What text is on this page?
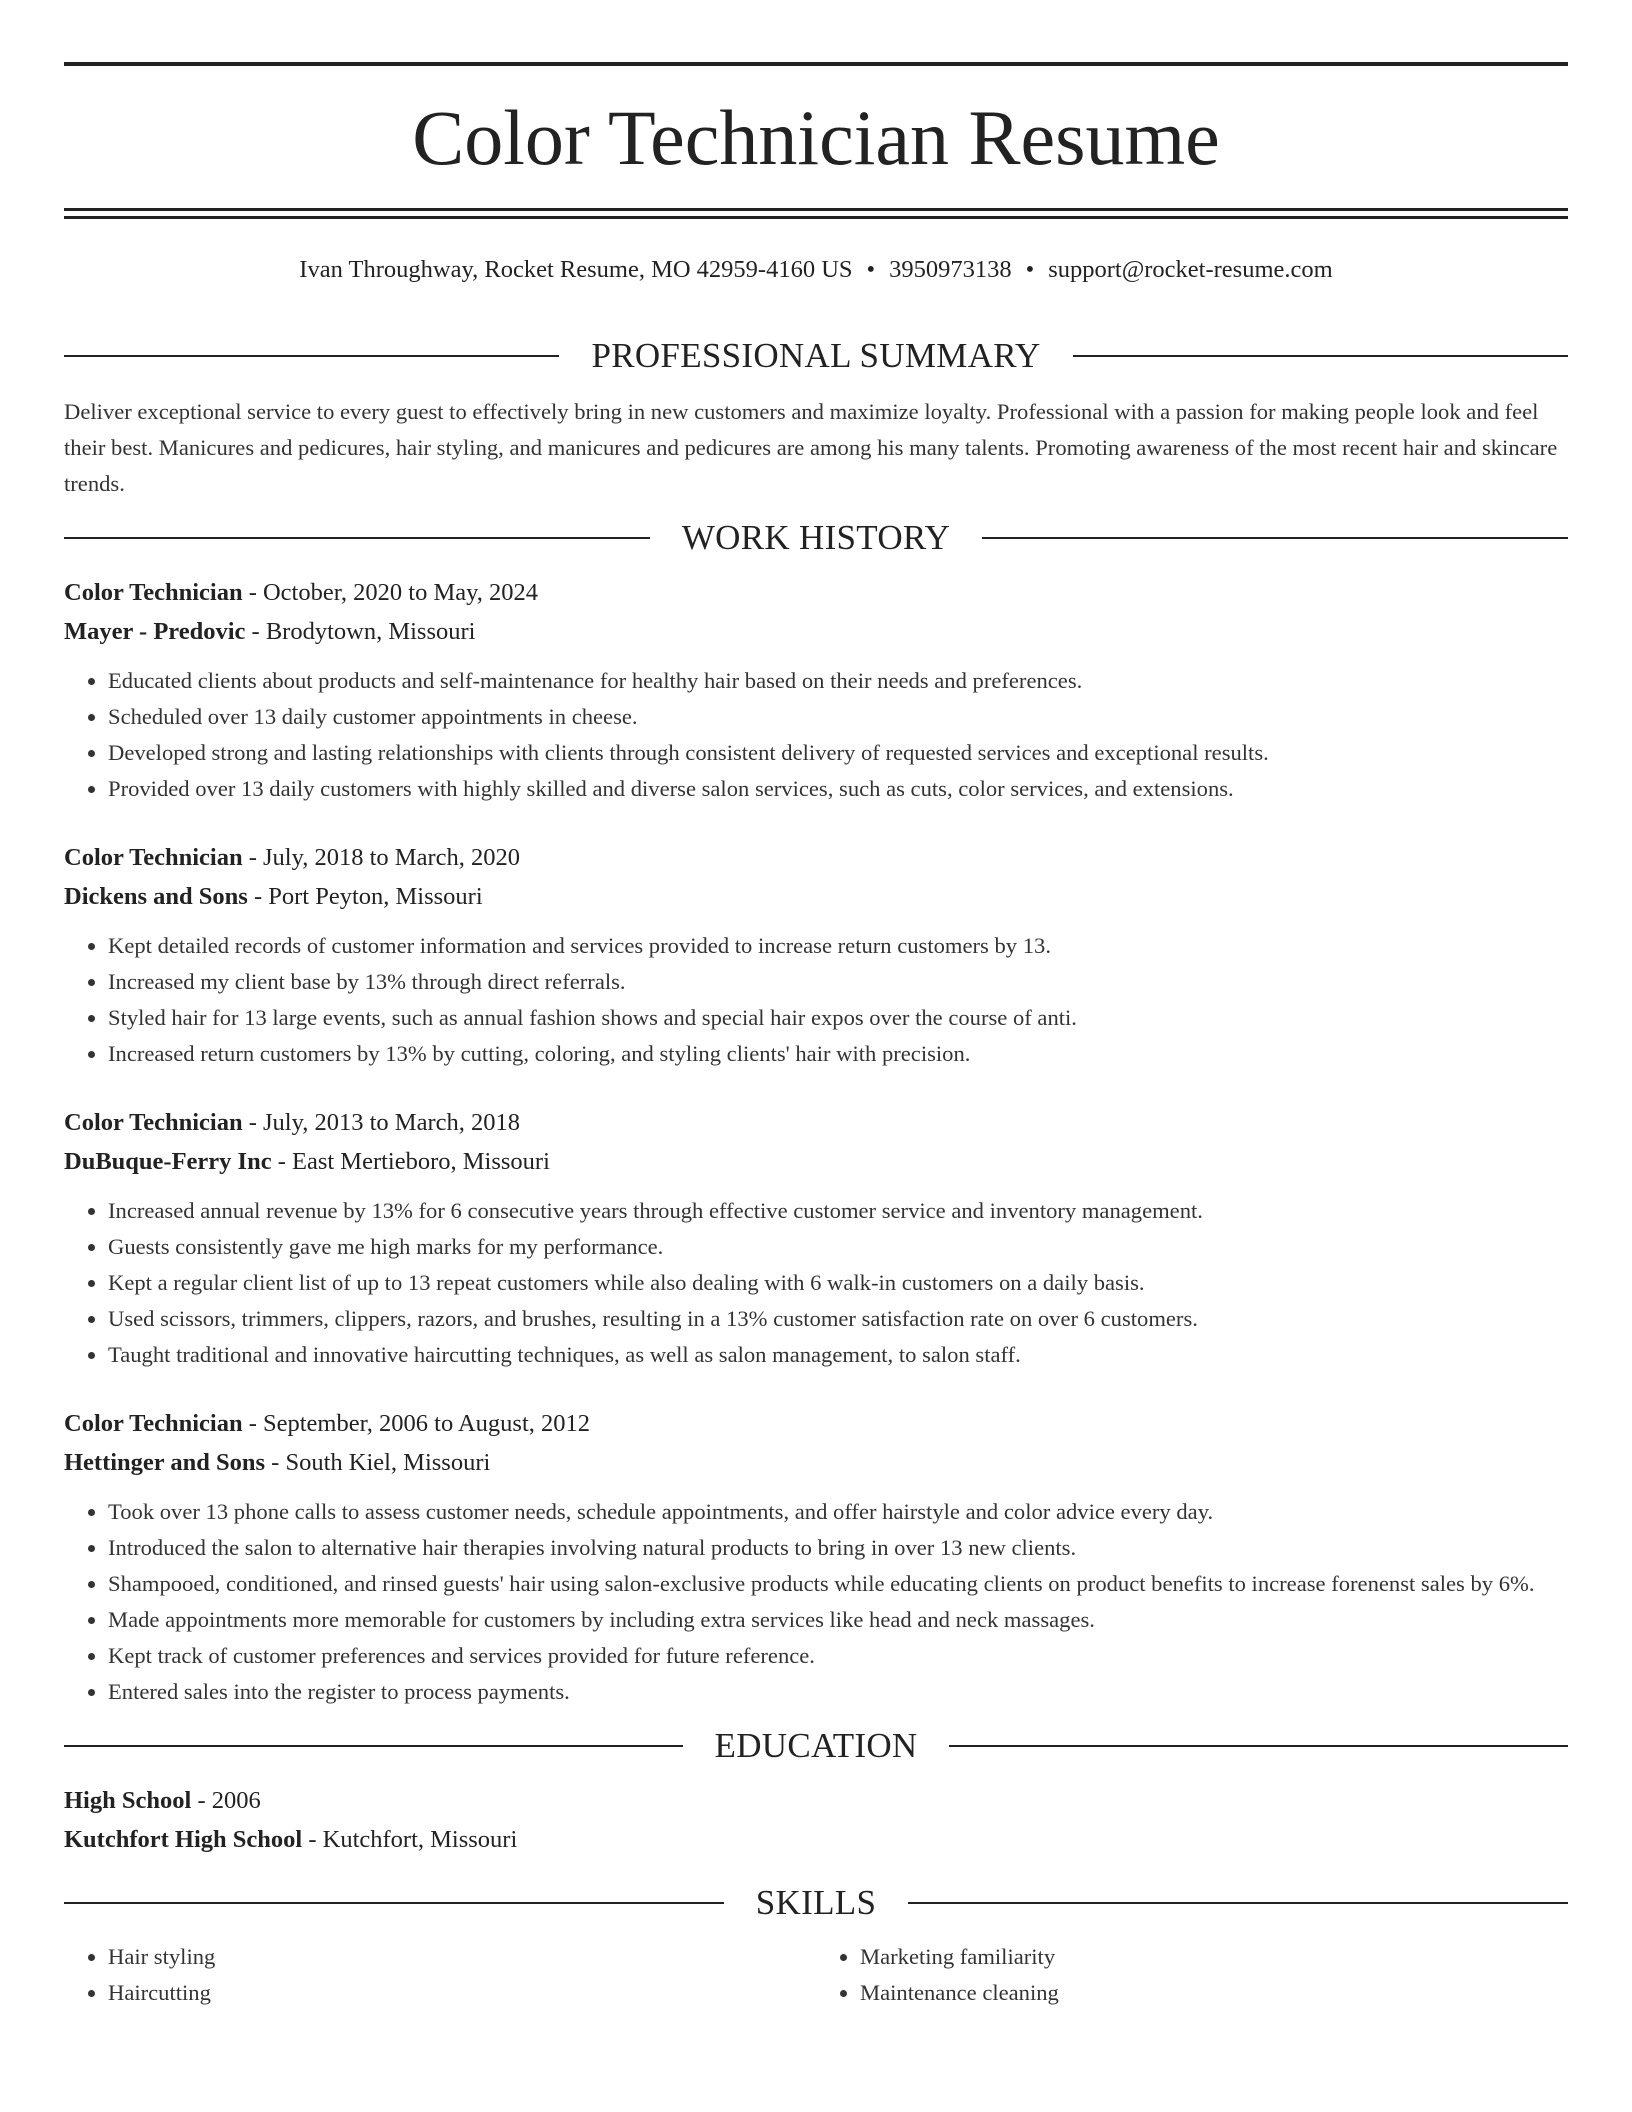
Color Technician Resume
Ivan Throughway, Rocket Resume, MO 42959-4160 US • 3950973138 • support@rocket-resume.com
PROFESSIONAL SUMMARY

Deliver exceptional service to every guest to effectively bring in new customers and maximize loyalty. Professional with a passion for making people look and feel their best. Manicures and pedicures, hair styling, and manicures and pedicures are among his many talents. Promoting awareness of the most recent hair and skincare trends.

WORK HISTORY
Color Technician - October, 2020 to May, 2024
Mayer - Predovic - Brodytown, Missouri
• Educated clients about products and self-maintenance for healthy hair based on their needs and preferences.
• Scheduled over 13 daily customer appointments in cheese.
• Developed strong and lasting relationships with clients through consistent delivery of requested services and exceptional results.
• Provided over 13 daily customers with highly skilled and diverse salon services, such as cuts, color services, and extensions.
Color Technician - July, 2018 to March, 2020
Dickens and Sons - Port Peyton, Missouri
• Kept detailed records of customer information and services provided to increase return customers by 13.
• Increased my client base by 13% through direct referrals.
• Styled hair for 13 large events, such as annual fashion shows and special hair expos over the course of anti.
• Increased return customers by 13% by cutting, coloring, and styling clients' hair with precision.
Color Technician - July, 2013 to March, 2018
DuBuque-Ferry Inc - East Mertieboro, Missouri
• Increased annual revenue by 13% for 6 consecutive years through effective customer service and inventory management.
• Guests consistently gave me high marks for my performance.
• Kept a regular client list of up to 13 repeat customers while also dealing with 6 walk-in customers on a daily basis.
• Used scissors, trimmers, clippers, razors, and brushes, resulting in a 13% customer satisfaction rate on over 6 customers.
• Taught traditional and innovative haircutting techniques, as well as salon management, to salon staff.
Color Technician - September, 2006 to August, 2012
Hettinger and Sons - South Kiel, Missouri
• Took over 13 phone calls to assess customer needs, schedule appointments, and offer hairstyle and color advice every day.
• Introduced the salon to alternative hair therapies involving natural products to bring in over 13 new clients.
• Shampooed, conditioned, and rinsed guests' hair using salon-exclusive products while educating clients on product benefits to increase forenenst sales by 6%.
• Made appointments more memorable for customers by including extra services like head and neck massages.
• Kept track of customer preferences and services provided for future reference.
• Entered sales into the register to process payments.
EDUCATION
High School - 2006
Kutchfort High School - Kutchfort, Missouri
SKILLS
• Hair styling
• Haircutting
• Marketing familiarity
• Maintenance cleaning
